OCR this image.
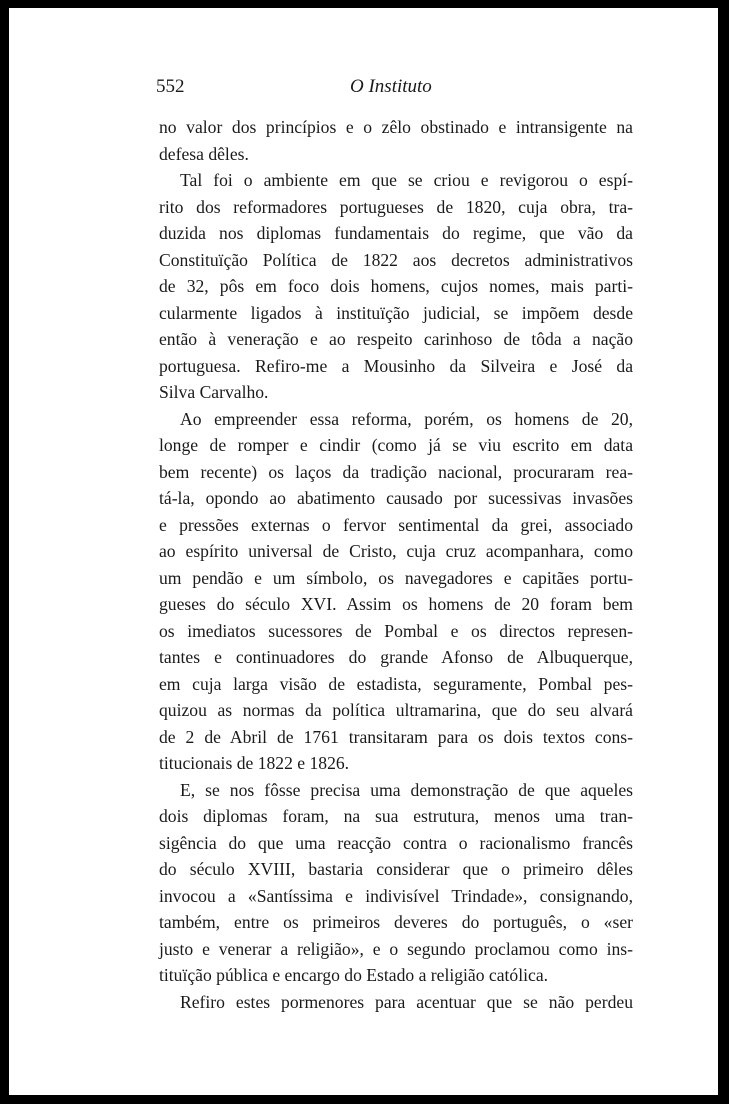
552	O Instituto
no valor dos princípios e o zêlo obstinado e intransigente na
defesa dêles.
Tal foi o ambiente em que se criou e revigorou o espí-
rito dos reformadores portugueses de 1820, cuja obra, tra-
duzida nos diplomas fundamentais do regime, que vão da
Constituïção Política de 1822 aos decretos administrativos
de 32, pôs em foco dois homens, cujos nomes, mais parti-
cularmente ligados à instituïção judicial, se impõem desde
então à veneração e ao respeito carinhoso de tôda a nação
portuguesa. Refiro-me a Mousinho da Silveira e José da
Silva Carvalho.
Ao empreender essa reforma, porém, os homens de 20,
longe de romper e cindir (como já se viu escrito em data
bem recente) os laços da tradição nacional, procuraram rea-
tá-la, opondo ao abatimento causado por sucessivas invasões
e pressões externas o fervor sentimental da grei, associado
ao espírito universal de Cristo, cuja cruz acompanhara, como
um pendão e um símbolo, os navegadores e capitães portu-
gueses do século XVI. Assim os homens de 20 foram bem
os imediatos sucessores de Pombal e os directos represen-
tantes e continuadores do grande Afonso de Albuquerque,
em cuja larga visão de estadista, seguramente, Pombal pes-
quizou as normas da política ultramarina, que do seu alvará
de 2 de Abril de 1761 transitaram para os dois textos cons-
titucionais de 1822 e 1826.
E, se nos fôsse precisa uma demonstração de que aqueles
dois diplomas foram, na sua estrutura, menos uma tran-
sigência do que uma reacção contra o racionalismo francês
do século XVIII, bastaria considerar que o primeiro dêles
invocou a «Santíssima e indivisível Trindade», consignando,
também, entre os primeiros deveres do português, o «ser
justo e venerar a religião», e o segundo proclamou como ins-
tituïção pública e encargo do Estado a religião católica.
Refiro estes pormenores para acentuar que se não perdeu
